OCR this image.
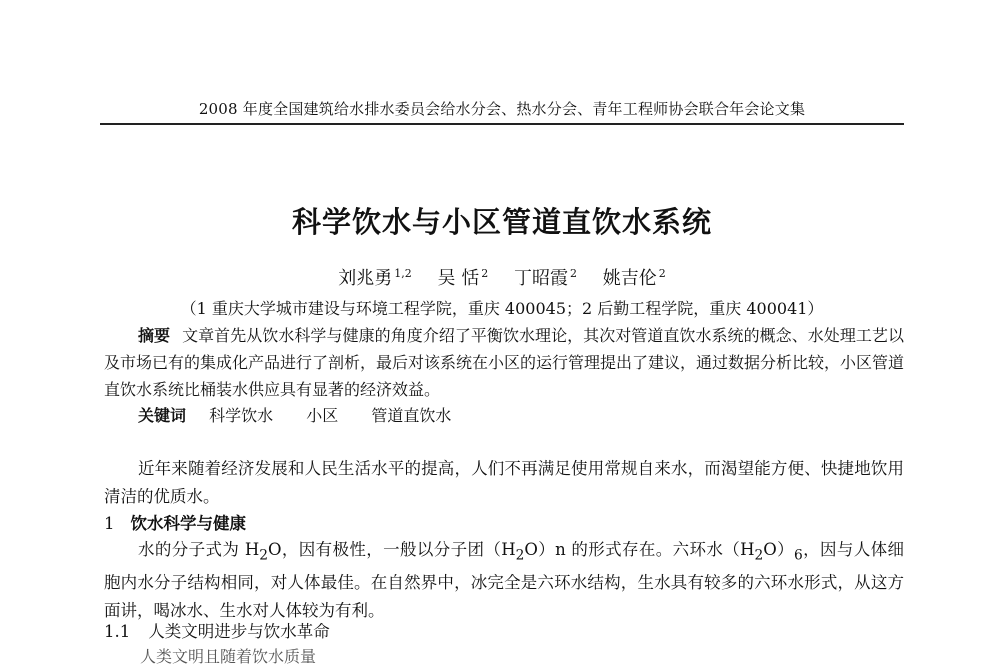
2008 年度全国建筑给水排水委员会给水分会、热水分会、青年工程师协会联合年会论文集
科学饮水与小区管道直饮水系统
刘兆勇 $^{1,2}$ 吴 恬 $^2$ 丁昭霞 $^2$ 姚吉伦 $^2$
（1 重庆大学城市建设与环境工程学院，重庆 400045；2 后勤工程学院，重庆 400041）
摘要 文章首先从饮水科学与健康的角度介绍了平衡饮水理论，其次对管道直饮水系统的概念、水处理工艺以及市场已有的集成化产品进行了剖析，最后对该系统在小区的运行管理提出了建议，通过数据分析比较，小区管道直饮水系统比桶装水供应具有显著的经济效益。
关键词 科学饮水 小区 管道直饮水
近年来随着经济发展和人民生活水平的提高，人们不再满足使用常规自来水，而渴望能方便、快捷地饮用清洁的优质水。
1 饮水科学与健康
水的分子式为 $H_2O$，因有极性，一般以分子团$(H_2O)n$ 的形式存在。六环水$(H_2O)_6$，因与人体细胞内水分子结构相同，对人体最佳。在自然界中，冰完全是六环水结构，生水具有较多的六环水形式，从这方面讲，喝冰水、生水对人体较为有利。
1.1 人类文明进步与饮水革命
人类文明且随着饮水质量
